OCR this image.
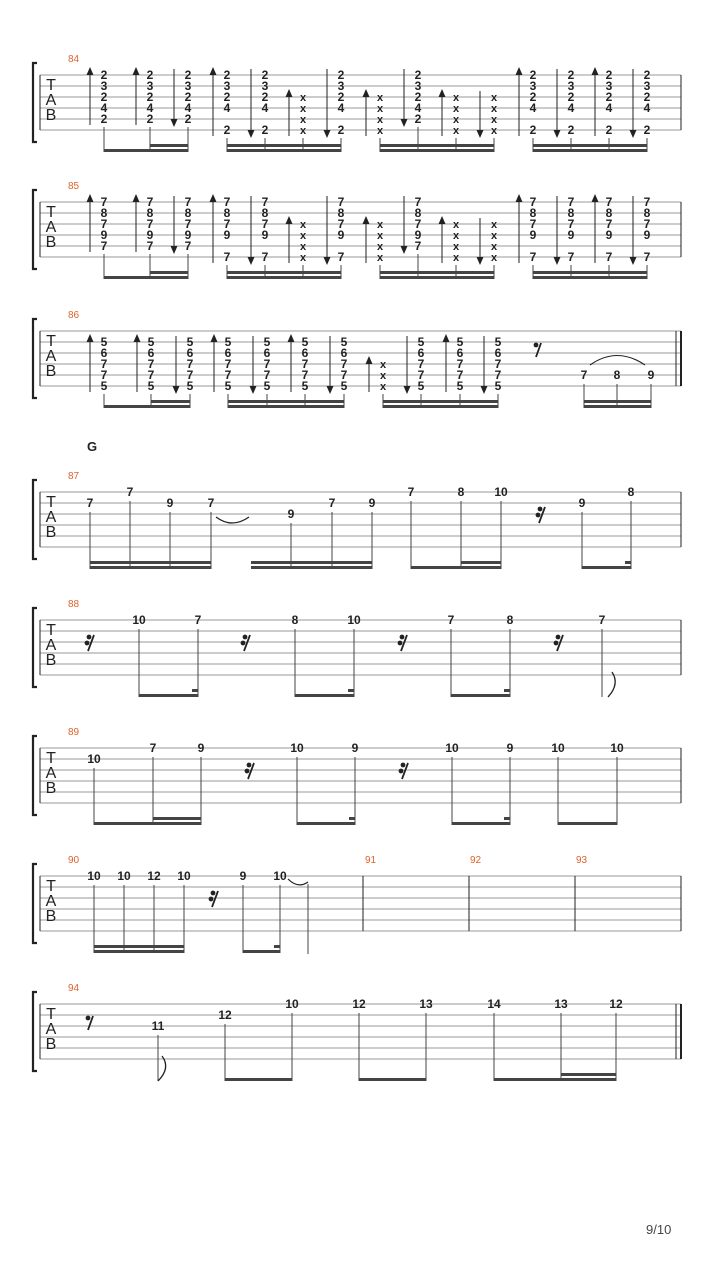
T
A
B
T
A
B
T
A
B
T
A
B
T
A
B
T
A
B
T
A
B
T
A
B
84
85
86
87
88
89
90	91	92	93
94
G
2
3
2
4
2
2
3
2
4
2
2
3
2
4
2
2
3
2
4
2
2
3
2
4
2
x
x
x
x
2
3
2
4
2
x
x
x
x
2
3
2
4
2
x
x
x
x
x
x
x
x
2
3
2
4
2
2
3
2
4
2
2
3
2
4
2
2
3
2
4
2
7
8
7
9
7
7
8
7
9
7
7
8
7
9
7
7
8
7
9
7
7
8
7
9
7
x
x
x
x
7
8
7
9
7
x
x
x
x
7
8
7
9
7
x
x
x
x
x
x
x
x
7
8
7
9
7
7
8
7
9
7
7
8
7
9
7
7
8
7
9
7
5
6
7
7
5
5
6
7
7
5
5
6
7
7
5
5
6
7
7
5
5
6
7
7
5
5
6
7
7
5
5
6
7
7
5
x
x
x
5
6
7
7
5
5
6
7
7
5
5
6
7
7
5
7 8 9
7
7
9	7
9
7	9
7	8 10
9
8
10	7	8	10	7	8	7
10
7	9	10	9	10	9	10	10
10 10 12 10	9 10
11
12
10	12	13	14	13	12
9/10
